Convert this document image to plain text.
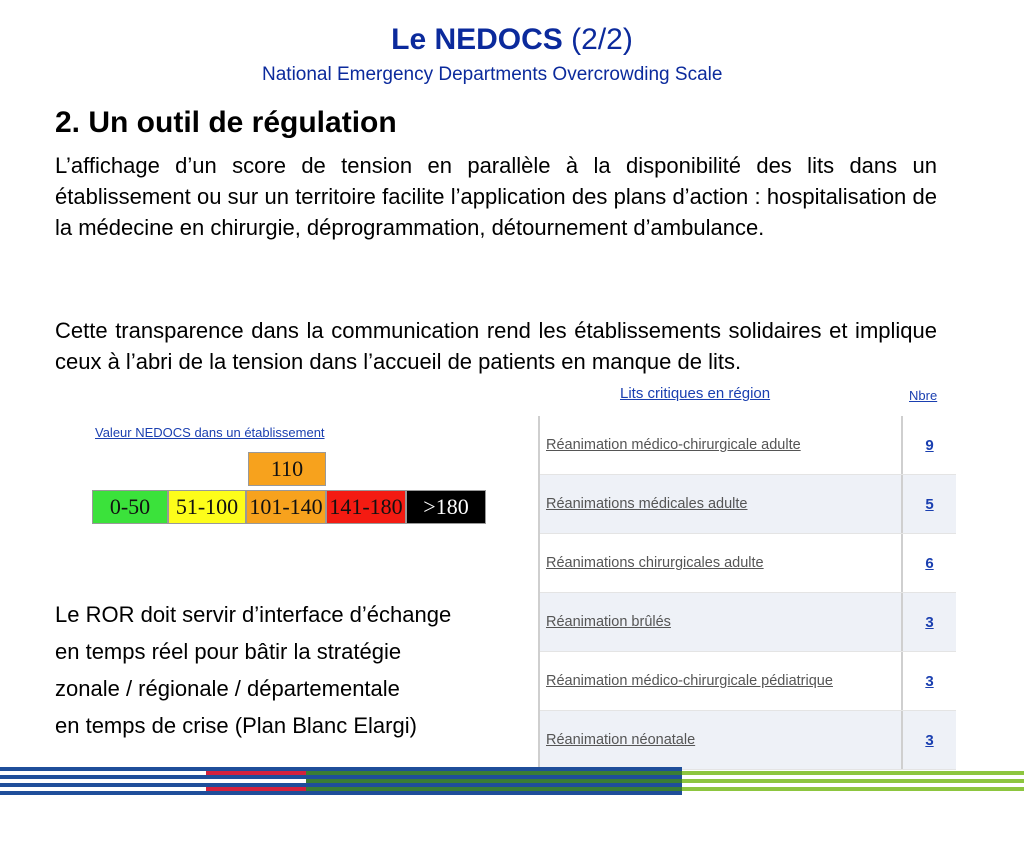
Le NEDOCS (2/2)
National Emergency Departments Overcrowding Scale
2. Un outil de régulation
L’affichage d’un score de tension en parallèle à la disponibilité des lits dans un établissement ou sur un territoire facilite l’application des plans d’action : hospitalisation de la médecine en chirurgie, déprogrammation, détournement d’ambulance.
Cette transparence dans la communication rend les établissements solidaires et implique ceux à l’abri de la tension dans l’accueil de patients en manque de lits.
Valeur NEDOCS dans un établissement
Lits critiques en région	Nbre
110
0-50	51-100 101-140 141-180 >180
Réanimation médico-chirurgicale adulte	9
Réanimations médicales adulte	5
Réanimations chirurgicales adulte	6
Réanimation brûlés	3
Réanimation médico-chirurgicale pédiatrique	3
Réanimation néonatale	3
Le ROR doit servir d’interface d’échange
en temps réel pour bâtir la stratégie
zonale / régionale / départementale
en temps de crise (Plan Blanc Elargi)
